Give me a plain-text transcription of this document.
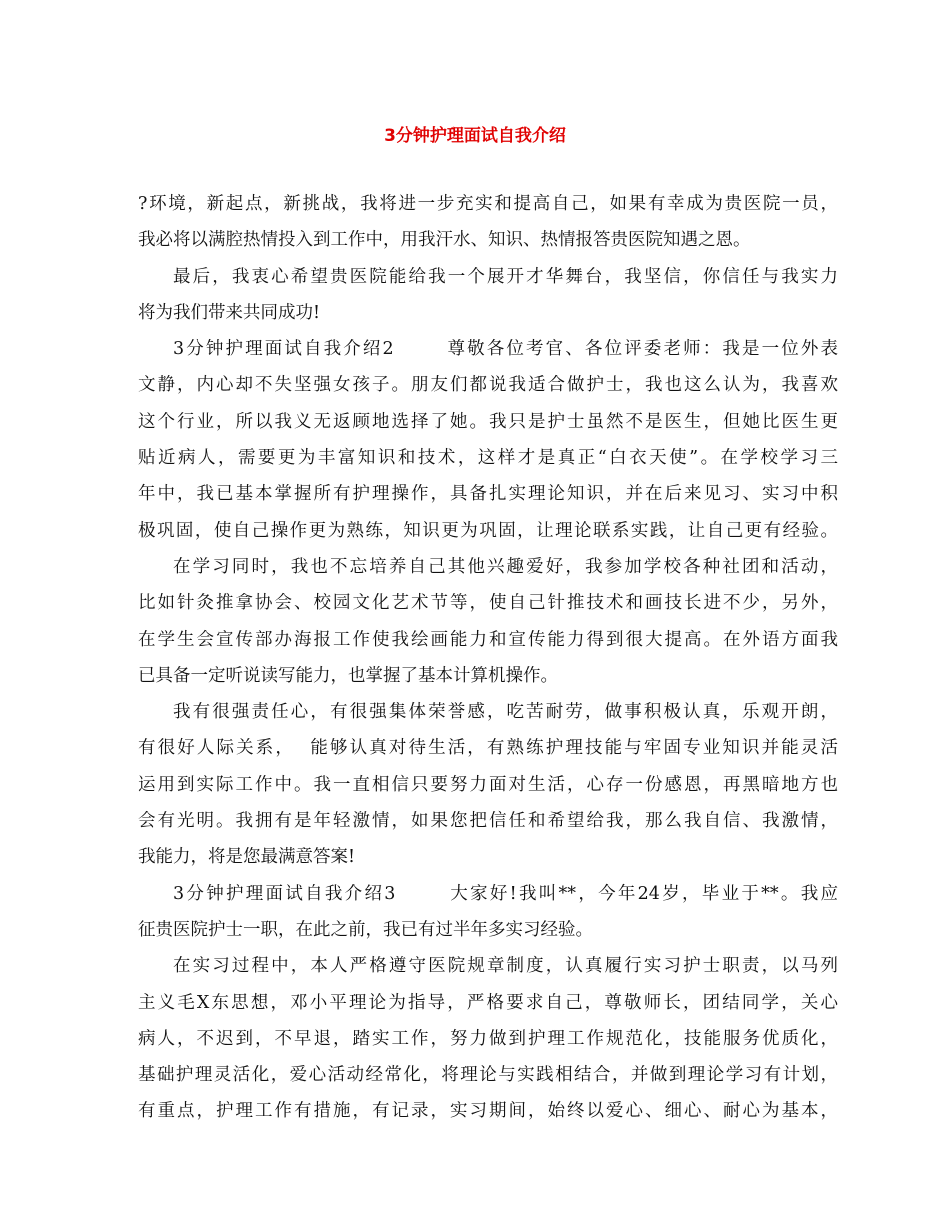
3分钟护理面试自我介绍
?环境，新起点，新挑战，我将进一步充实和提高自己，如果有幸成为贵医院一员，
我必将以满腔热情投入到工作中，用我汗水、知识、热情报答贵医院知遇之恩。
最后，我衷心希望贵医院能给我一个展开才华舞台，我坚信，你信任与我实力
将为我们带来共同成功!
3分钟护理面试自我介绍2       尊敬各位考官、各位评委老师：我是一位外表
文静，内心却不失坚强女孩子。朋友们都说我适合做护士，我也这么认为，我喜欢
这个行业，所以我义无返顾地选择了她。我只是护士虽然不是医生，但她比医生更
贴近病人，需要更为丰富知识和技术，这样才是真正“白衣天使”。在学校学习三
年中，我已基本掌握所有护理操作，具备扎实理论知识，并在后来见习、实习中积
极巩固，使自己操作更为熟练，知识更为巩固，让理论联系实践，让自己更有经验。
在学习同时，我也不忘培养自己其他兴趣爱好，我参加学校各种社团和活动，
比如针灸推拿协会、校园文化艺术节等，使自己针推技术和画技长进不少，另外，
在学生会宣传部办海报工作使我绘画能力和宣传能力得到很大提高。在外语方面我
已具备一定听说读写能力，也掌握了基本计算机操作。
我有很强责任心，有很强集体荣誉感，吃苦耐劳，做事积极认真，乐观开朗，
有很好人际关系，  能够认真对待生活，有熟练护理技能与牢固专业知识并能灵活
运用到实际工作中。我一直相信只要努力面对生活，心存一份感恩，再黑暗地方也
会有光明。我拥有是年轻激情，如果您把信任和希望给我，那么我自信、我激情，
我能力，将是您最满意答案!
3分钟护理面试自我介绍3       大家好!我叫**，今年24岁，毕业于**。我应
征贵医院护士一职，在此之前，我已有过半年多实习经验。
在实习过程中，本人严格遵守医院规章制度，认真履行实习护士职责，以马列
主义毛X东思想，邓小平理论为指导，严格要求自己，尊敬师长，团结同学，关心
病人，不迟到，不早退，踏实工作，努力做到护理工作规范化，技能服务优质化，
基础护理灵活化，爱心活动经常化，将理论与实践相结合，并做到理论学习有计划，
有重点，护理工作有措施，有记录，实习期间，始终以爱心、细心、耐心为基本，
